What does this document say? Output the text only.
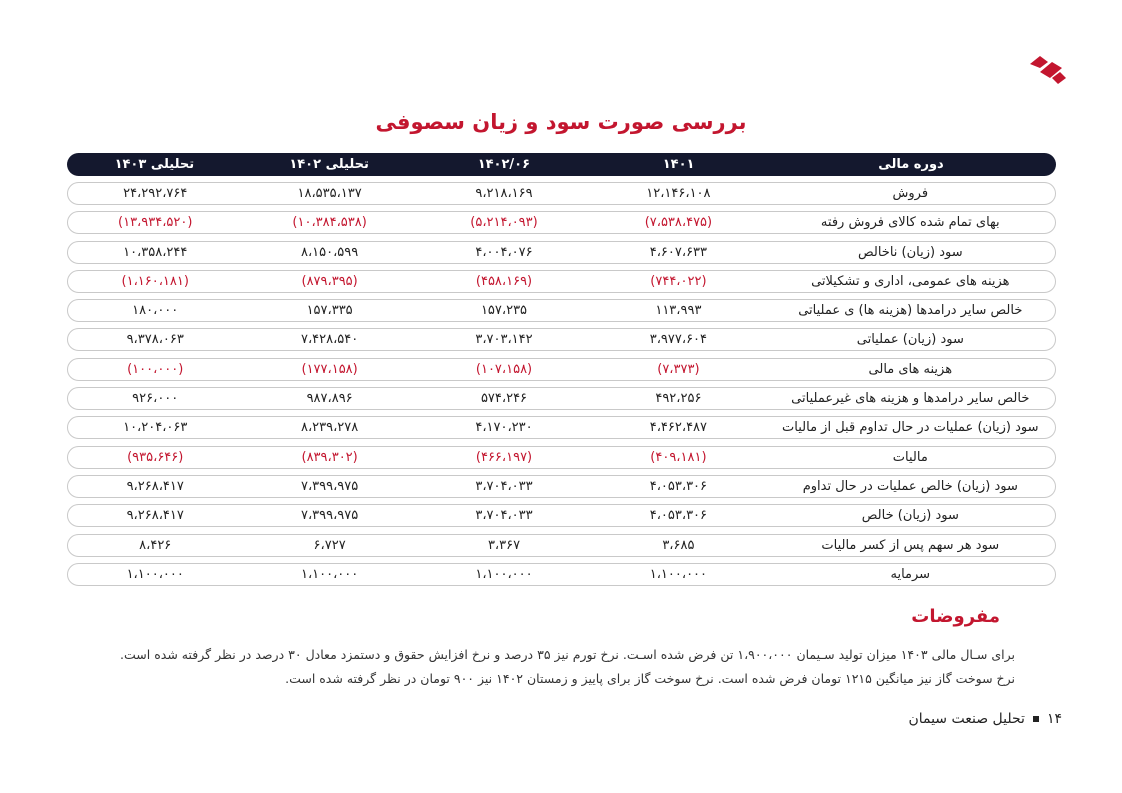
بررسی صورت سود و زیان سصوفی
دوره مالی
۱۴۰۱
۱۴۰۲/۰۶
تحلیلی ۱۴۰۲
تحلیلی ۱۴۰۳
فروش
۱۲،۱۴۶،۱۰۸
۹،۲۱۸،۱۶۹
۱۸،۵۳۵،۱۳۷
۲۴،۲۹۲،۷۶۴
بهای تمام شده کالای فروش رفته
(۷،۵۳۸،۴۷۵)
(۵،۲۱۴،۰۹۳)
(۱۰،۳۸۴،۵۳۸)
(۱۳،۹۳۴،۵۲۰)
سود (زیان) ناخالص
۴،۶۰۷،۶۳۳
۴،۰۰۴،۰۷۶
۸،۱۵۰،۵۹۹
۱۰،۳۵۸،۲۴۴
هزینه های عمومی، اداری و تشکیلاتی
(۷۴۴،۰۲۲)
(۴۵۸،۱۶۹)
(۸۷۹،۳۹۵)
(۱،۱۶۰،۱۸۱)
خالص سایر درامدها (هزینه ها) ی عملیاتی
۱۱۳،۹۹۳
۱۵۷،۲۳۵
۱۵۷،۳۳۵
۱۸۰،۰۰۰
سود (زیان) عملیاتی
۳،۹۷۷،۶۰۴
۳،۷۰۳،۱۴۲
۷،۴۲۸،۵۴۰
۹،۳۷۸،۰۶۳
هزینه های مالی
(۷،۳۷۳)
(۱۰۷،۱۵۸)
(۱۷۷،۱۵۸)
(۱۰۰،۰۰۰)
خالص سایر درامدها و هزینه های غیرعملیاتی
۴۹۲،۲۵۶
۵۷۴،۲۴۶
۹۸۷،۸۹۶
۹۲۶،۰۰۰
سود (زیان) عملیات در حال تداوم قبل از مالیات
۴،۴۶۲،۴۸۷
۴،۱۷۰،۲۳۰
۸،۲۳۹،۲۷۸
۱۰،۲۰۴،۰۶۳
مالیات
(۴۰۹،۱۸۱)
(۴۶۶،۱۹۷)
(۸۳۹،۳۰۲)
(۹۳۵،۶۴۶)
سود (زیان) خالص عملیات در حال تداوم
۴،۰۵۳،۳۰۶
۳،۷۰۴،۰۳۳
۷،۳۹۹،۹۷۵
۹،۲۶۸،۴۱۷
سود (زیان) خالص
۴،۰۵۳،۳۰۶
۳،۷۰۴،۰۳۳
۷،۳۹۹،۹۷۵
۹،۲۶۸،۴۱۷
سود هر سهم پس از کسر مالیات
۳،۶۸۵
۳،۳۶۷
۶،۷۲۷
۸،۴۲۶
سرمایه
۱،۱۰۰،۰۰۰
۱،۱۰۰،۰۰۰
۱،۱۰۰،۰۰۰
۱،۱۰۰،۰۰۰
مفروضات
برای سـال مالی ۱۴۰۳ میزان تولید سـیمان ۱،۹۰۰،۰۰۰ تن فرض شده اسـت. نرخ تورم نیز ۳۵ درصد و نرخ افزایش حقوق و دستمزد معادل ۳۰ درصد در نظر گرفته شده است. نرخ سوخت گاز نیز میانگین ۱۲۱۵ تومان فرض شده است. نرخ سوخت گاز برای پاییز و زمستان ۱۴۰۲ نیز ۹۰۰ تومان در نظر گرفته شده است.
۱۴
تحلیل صنعت سیمان
